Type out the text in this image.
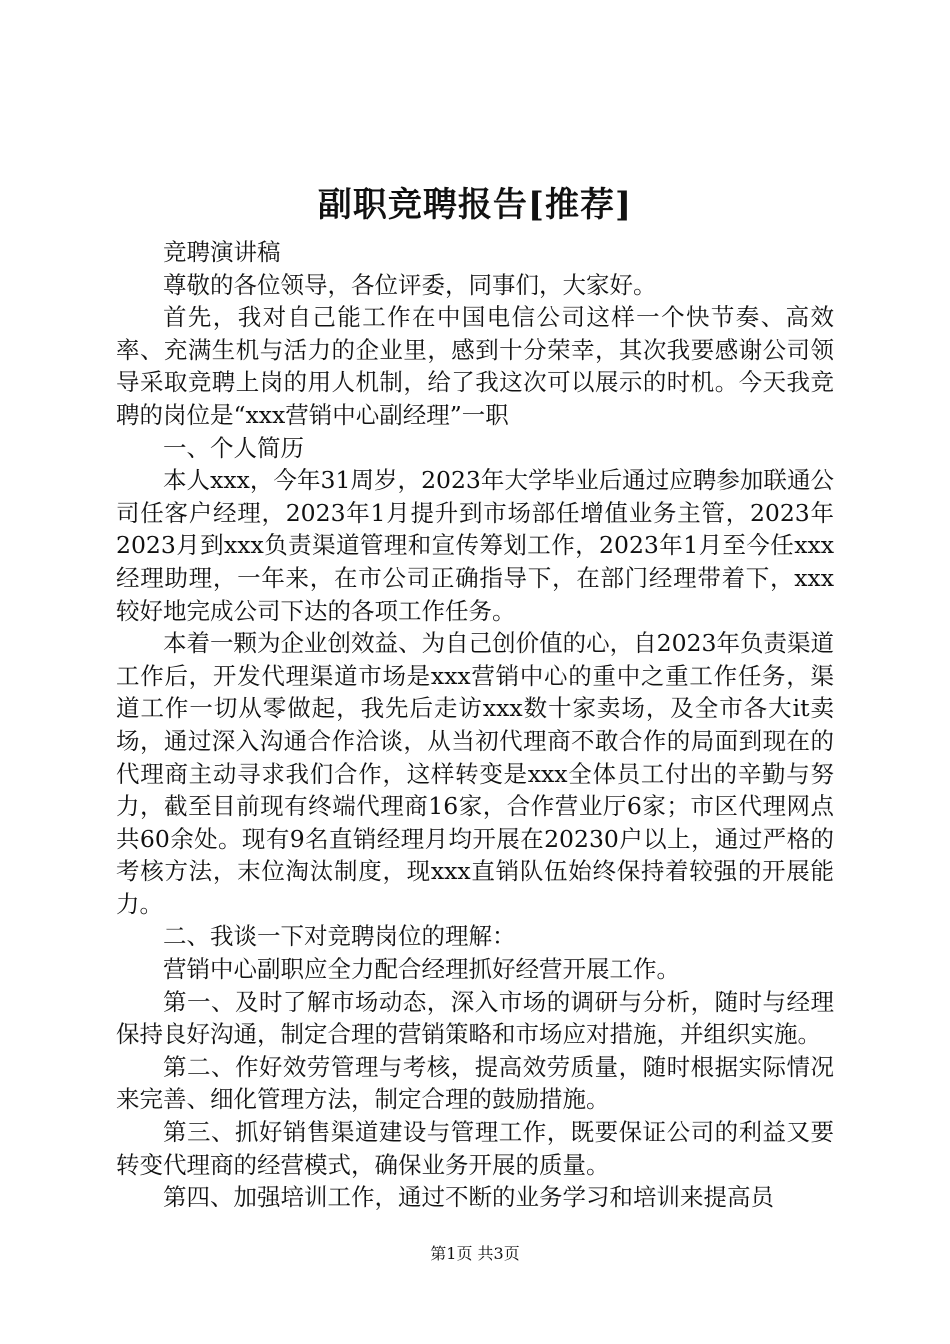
副职竞聘报告[推荐]

竞聘演讲稿

尊敬的各位领导，各位评委，同事们，大家好。

首先，我对自己能工作在中国电信公司这样一个快节奏、高效率、充满生机与活力的企业里，感到十分荣幸，其次我要感谢公司领导采取竞聘上岗的用人机制，给了我这次可以展示的时机。今天我竞聘的岗位是“xxx营销中心副经理”一职

一、个人简历

本人xxx，今年31周岁，2023年大学毕业后通过应聘参加联通公司任客户经理，2023年1月提升到市场部任增值业务主管，2023年2023月到xxx负责渠道管理和宣传筹划工作，2023年1月至今任xxx经理助理，一年来，在市公司正确指导下，在部门经理带着下，xxx较好地完成公司下达的各项工作任务。

本着一颗为企业创效益、为自己创价值的心，自2023年负责渠道工作后，开发代理渠道市场是xxx营销中心的重中之重工作任务，渠道工作一切从零做起，我先后走访xxx数十家卖场，及全市各大it卖场，通过深入沟通合作洽谈，从当初代理商不敢合作的局面到现在的代理商主动寻求我们合作，这样转变是xxx全体员工付出的辛勤与努力，截至目前现有终端代理商16家，合作营业厅6家；市区代理网点共60余处。现有9名直销经理月均开展在20230户以上，通过严格的考核方法，末位淘汰制度，现xxx直销队伍始终保持着较强的开展能力。

二、我谈一下对竞聘岗位的理解：

营销中心副职应全力配合经理抓好经营开展工作。

第一、及时了解市场动态，深入市场的调研与分析，随时与经理保持良好沟通，制定合理的营销策略和市场应对措施，并组织实施。

第二、作好效劳管理与考核，提高效劳质量，随时根据实际情况来完善、细化管理方法，制定合理的鼓励措施。

第三、抓好销售渠道建设与管理工作，既要保证公司的利益又要转变代理商的经营模式，确保业务开展的质量。

第四、加强培训工作，通过不断的业务学习和培训来提高员

第1页 共3页
